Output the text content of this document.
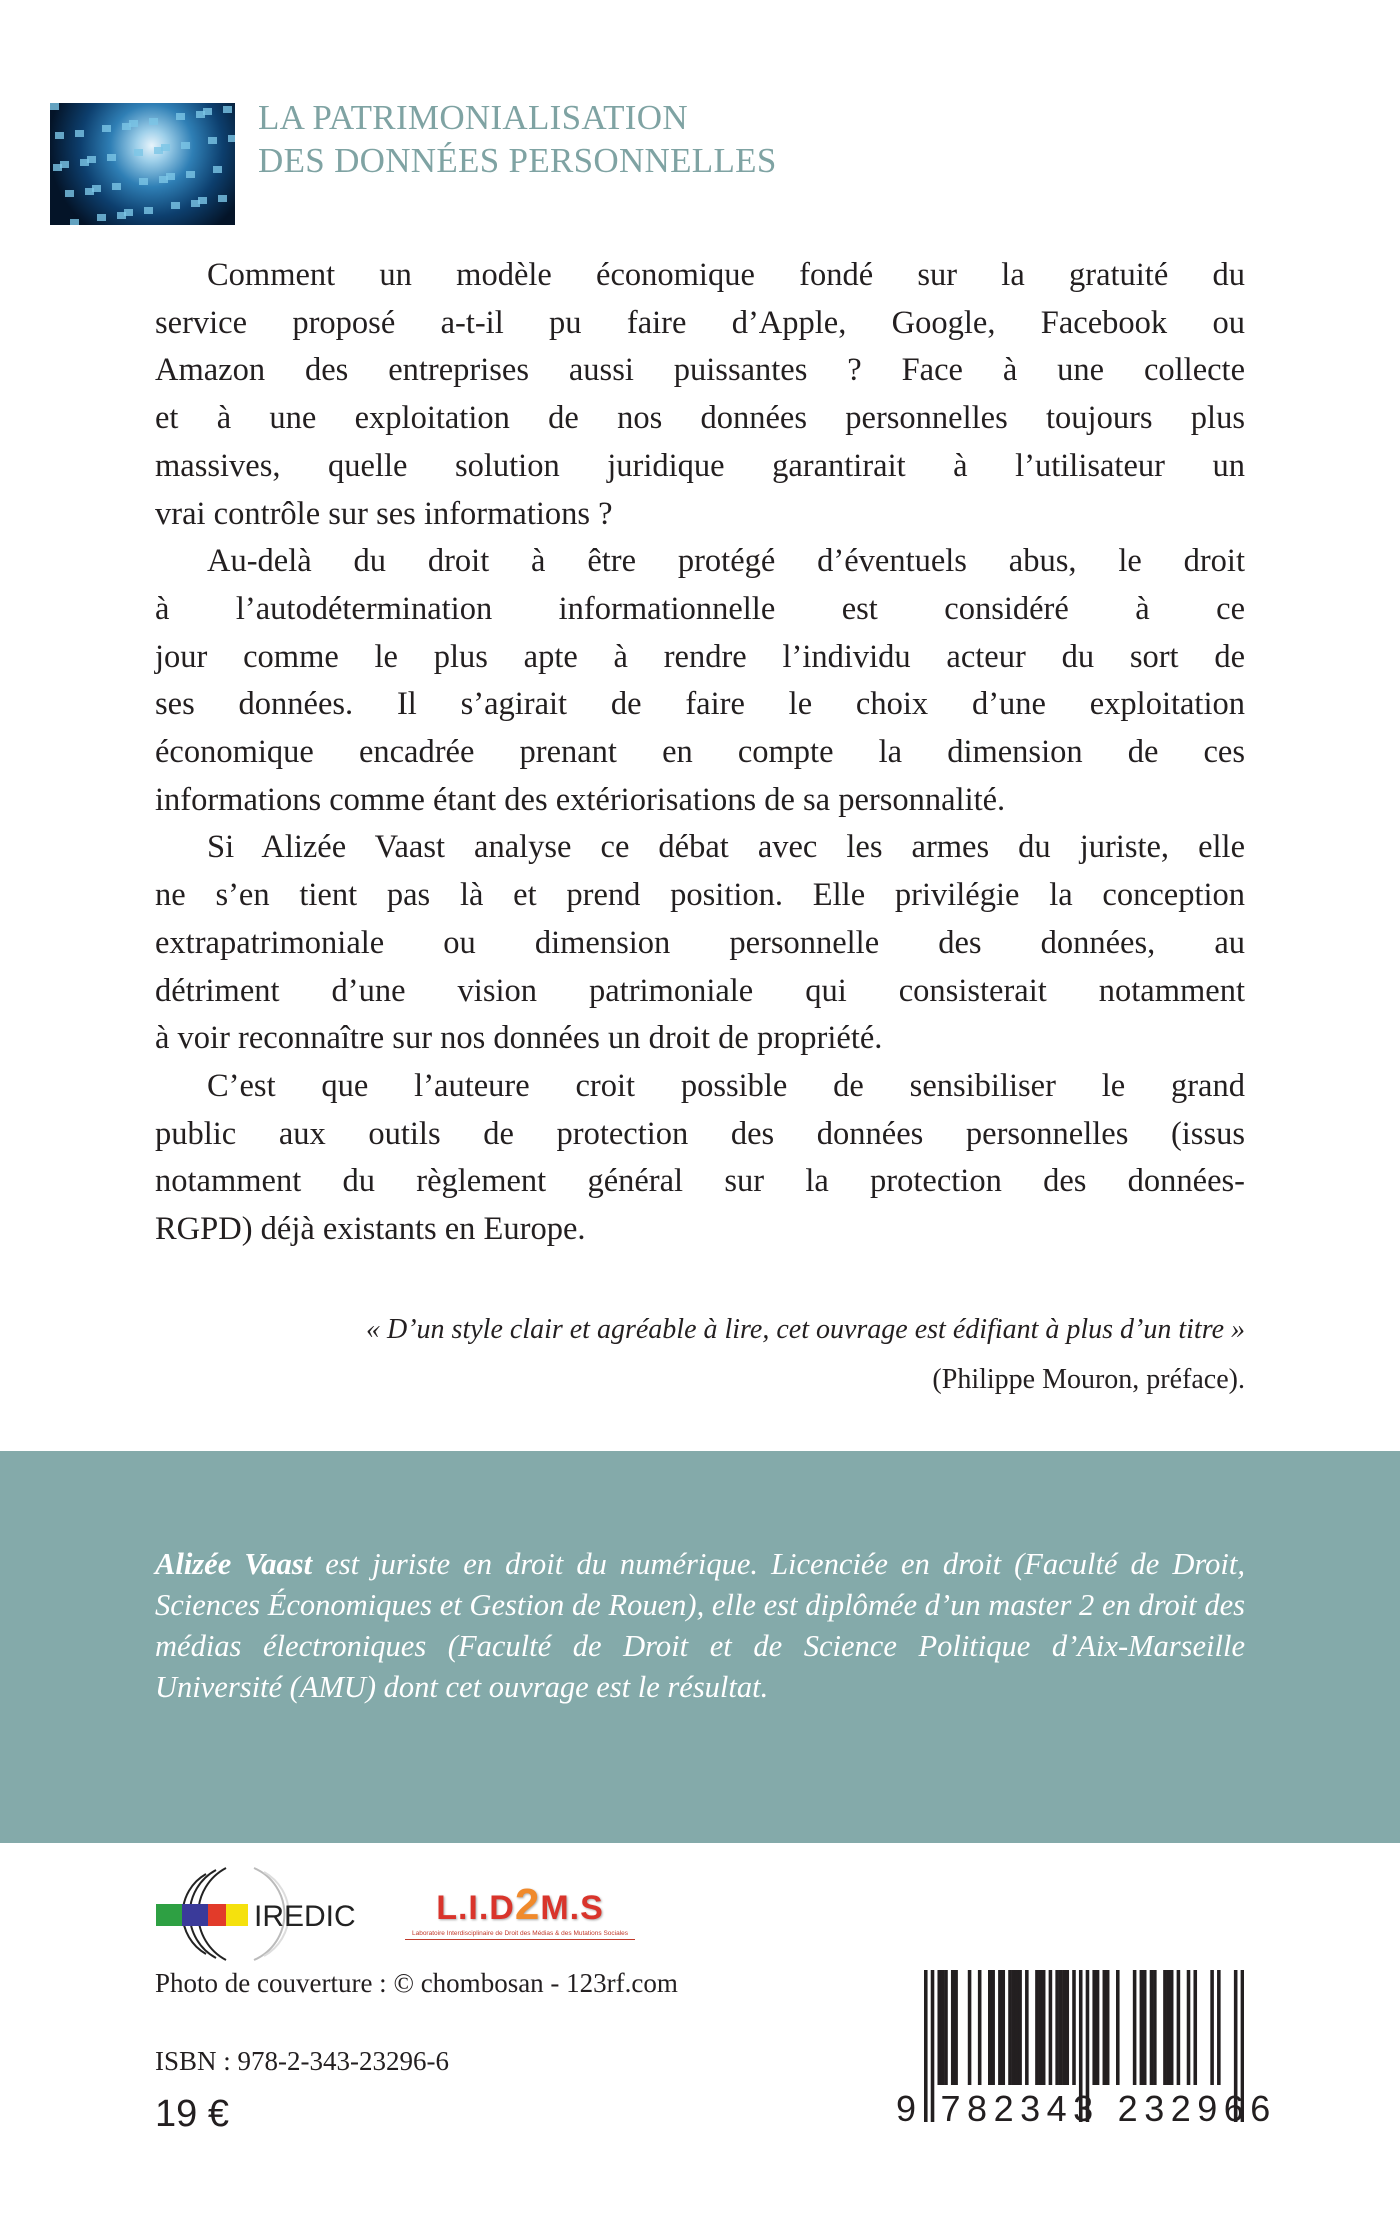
LA PATRIMONIALISATION
DES DONNÉES PERSONNELLES
Comment un modèle économique fondé sur la gratuité du
service proposé a-t-il pu faire d’Apple, Google, Facebook ou
Amazon des entreprises aussi puissantes ? Face à une collecte
et à une exploitation de nos données personnelles toujours plus
massives, quelle solution juridique garantirait à l’utilisateur un
vrai contrôle sur ses informations ?
Au-delà du droit à être protégé d’éventuels abus, le droit
à l’autodétermination informationnelle est considéré à ce
jour comme le plus apte à rendre l’individu acteur du sort de
ses données. Il s’agirait de faire le choix d’une exploitation
économique encadrée prenant en compte la dimension de ces
informations comme étant des extériorisations de sa personnalité.
Si Alizée Vaast analyse ce débat avec les armes du juriste, elle
ne s’en tient pas là et prend position. Elle privilégie la conception
extrapatrimoniale ou dimension personnelle des données, au
détriment d’une vision patrimoniale qui consisterait notamment
à voir reconnaître sur nos données un droit de propriété.
C’est que l’auteure croit possible de sensibiliser le grand
public aux outils de protection des données personnelles (issus
notamment du règlement général sur la protection des données-
RGPD) déjà existants en Europe.
« D’un style clair et agréable à lire, cet ouvrage est édifiant à plus d’un titre »
(Philippe Mouron, préface).
Alizée Vaast est juriste en droit du numérique. Licenciée en droit (Faculté de Droit, Sciences Économiques et Gestion de Rouen), elle est diplômée d’un master 2 en droit des médias électroniques (Faculté de Droit et de Science Politique d’Aix-Marseille Université (AMU) dont cet ouvrage est le résultat.
IREDIC	L.I.D2M.S
Laboratoire Interdisciplinaire de Droit des Médias & des Mutations Sociales
Photo de couverture : © chombosan - 123rf.com
ISBN : 978-2-343-23296-6
19 €	9 782343 232966
